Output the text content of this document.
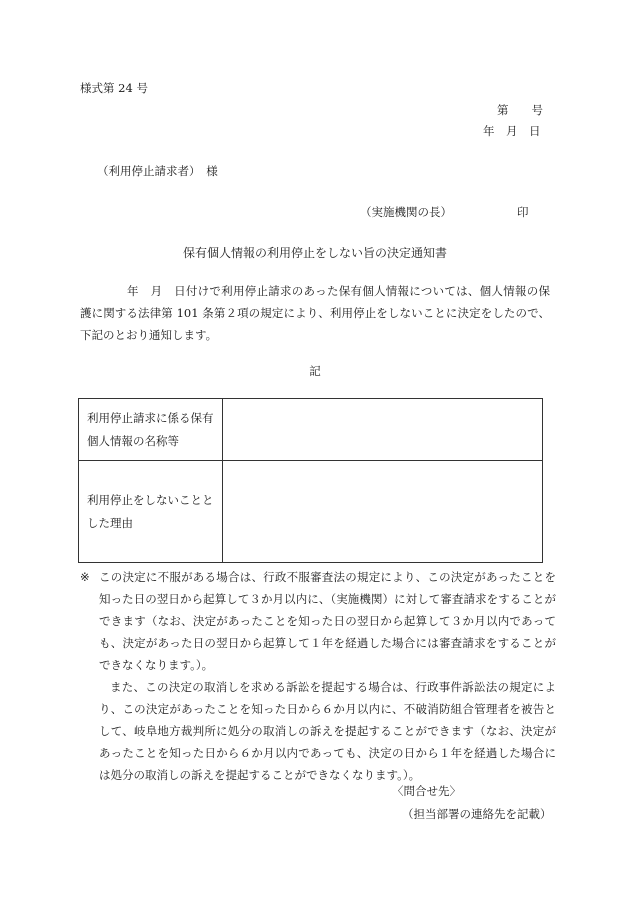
様式第 24 号
第　　号
年　月　日
（利用停止請求者）　様
（実施機関の長）	印
保有個人情報の利用停止をしない旨の決定通知書
　　　　年　月　日付けで利用停止請求のあった保有個人情報については、個人情報の保護に関する法律第 101 条第２項の規定により、利用停止をしないことに決定をしたので、下記のとおり通知します。
記
利用停止請求に係る保有個人情報の名称等	
利用停止をしないこととした理由	
※ この決定に不服がある場合は、行政不服審査法の規定により、この決定があったことを知った日の翌日から起算して３か月以内に、（実施機関）に対して審査請求をすることができます（なお、決定があったことを知った日の翌日から起算して３か月以内であっても、決定があった日の翌日から起算して１年を経過した場合には審査請求をすることができなくなります。）。
また、この決定の取消しを求める訴訟を提起する場合は、行政事件訴訟法の規定により、この決定があったことを知った日から６か月以内に、不破消防組合管理者を被告として、岐阜地方裁判所に処分の取消しの訴えを提起することができます（なお、決定があったことを知った日から６か月以内であっても、決定の日から１年を経過した場合には処分の取消しの訴えを提起することができなくなります。）。
〈問合せ先〉
（担当部署の連絡先を記載）
